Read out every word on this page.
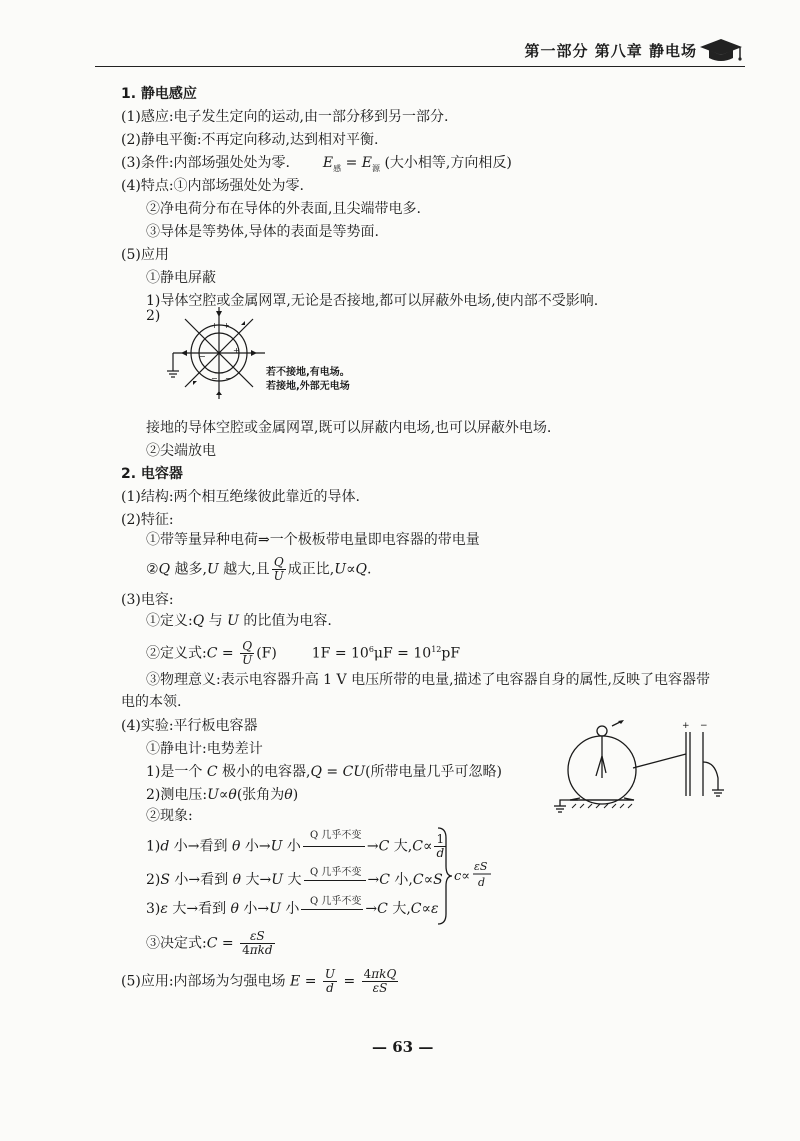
第一部分 第八章 静电场
1. 静电感应
(1)感应:电子发生定向的运动,由一部分移到另一部分.
(2)静电平衡:不再定向移动,达到相对平衡.
(3)条件:内部场强处处为零. $E_感 = E_源$ (大小相等,方向相反)
(4)特点:①内部场强处处为零.
②净电荷分布在导体的外表面,且尖端带电多.
③导体是等势体,导体的表面是等势面.
(5)应用
①静电屏蔽
1)导体空腔或金属网罩,无论是否接地,都可以屏蔽外电场,使内部不受影响.
2)
+ +
+
−
− −
若不接地,有电场。
若接地,外部无电场
接地的导体空腔或金属网罩,既可以屏蔽内电场,也可以屏蔽外电场.
②尖端放电
2. 电容器
(1)结构:两个相互绝缘彼此靠近的导体.
(2)特征:
①带等量异种电荷⇒一个极板带电量即电容器的带电量
②Q 越多,U 越大,且 $\frac{Q}{U}$ 成正比,U∝Q.
(3)电容:
①定义:Q 与 U 的比值为电容.
②定义式:C = $\frac{Q}{U} (F) 1F = 10^6\mu F = 10^{12}pF$
③物理意义:表示电容器升高 1 V 电压所带的电量,描述了电容器自身的属性,反映了电容器带
电的本领.
(4)实验:平行板电容器
①静电计:电势差计
1)是一个 C 极小的电容器,Q = CU(所带电量几乎可忽略)
2)测电压:U∝θ(张角为θ)
②现象:
+ −
1)d 小→看到 θ 小→U 小	→C 大$,C\propto \frac{1}{d}$
Q 几乎不变
2)S 小→看到 θ 大→U 大	→C 小,C∝S
Q 几乎不变
3)ε 大→看到 θ 小→U 小	→C 大,C∝ε
Q 几乎不变
c∝
εS
d
③决定式:C = $\frac{\varepsilon S}{\text{4πkd}}$
(5)应用:内部场为匀强电场 $E = \frac{U}{d} = \frac{\text{4πkQ}}{\varepsilon S}$
— 63 —
